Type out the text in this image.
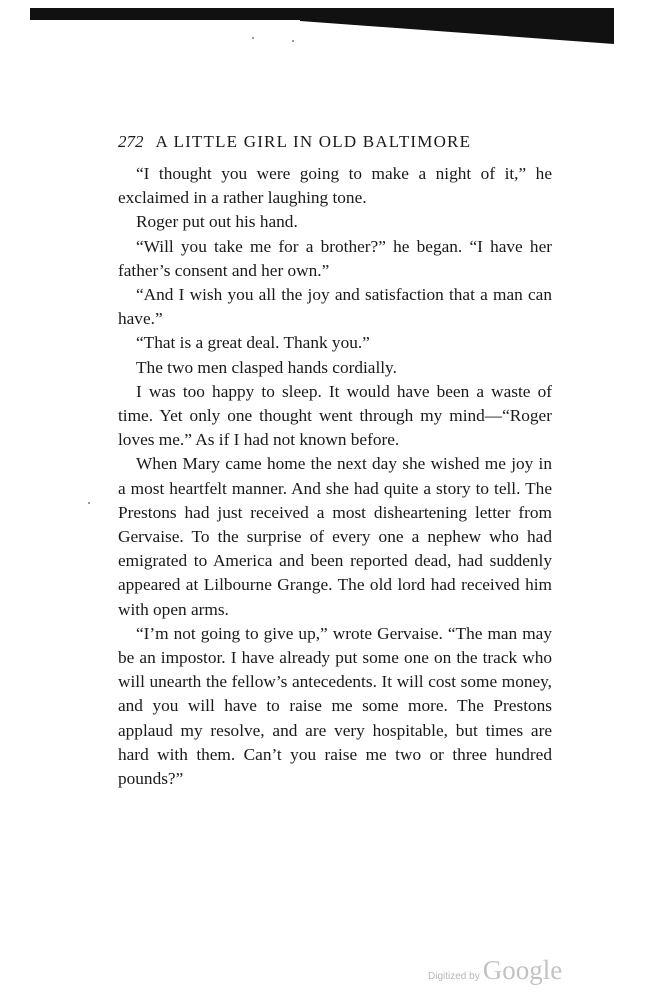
272 A LITTLE GIRL IN OLD BALTIMORE

“I thought you were going to make a night of it,” he exclaimed in a rather laughing tone.

Roger put out his hand.

“Will you take me for a brother?” he began. “I have her father’s consent and her own.”

“And I wish you all the joy and satisfaction that a man can have.”

“That is a great deal. Thank you.”

The two men clasped hands cordially.

I was too happy to sleep. It would have been a waste of time. Yet only one thought went through my mind—“Roger loves me.” As if I had not known before.

When Mary came home the next day she wished me joy in a most heartfelt manner. And she had quite a story to tell. The Prestons had just received a most disheartening letter from Gervaise. To the surprise of every one a nephew who had emigrated to America and been reported dead, had suddenly appeared at Lilbourne Grange. The old lord had received him with open arms.

“I’m not going to give up,” wrote Gervaise. “The man may be an impostor. I have already put some one on the track who will unearth the fellow’s antecedents. It will cost some money, and you will have to raise me some more. The Prestons applaud my resolve, and are very hospitable, but times are hard with them. Can’t you raise me two or three hundred pounds?”

Digitized by Google
